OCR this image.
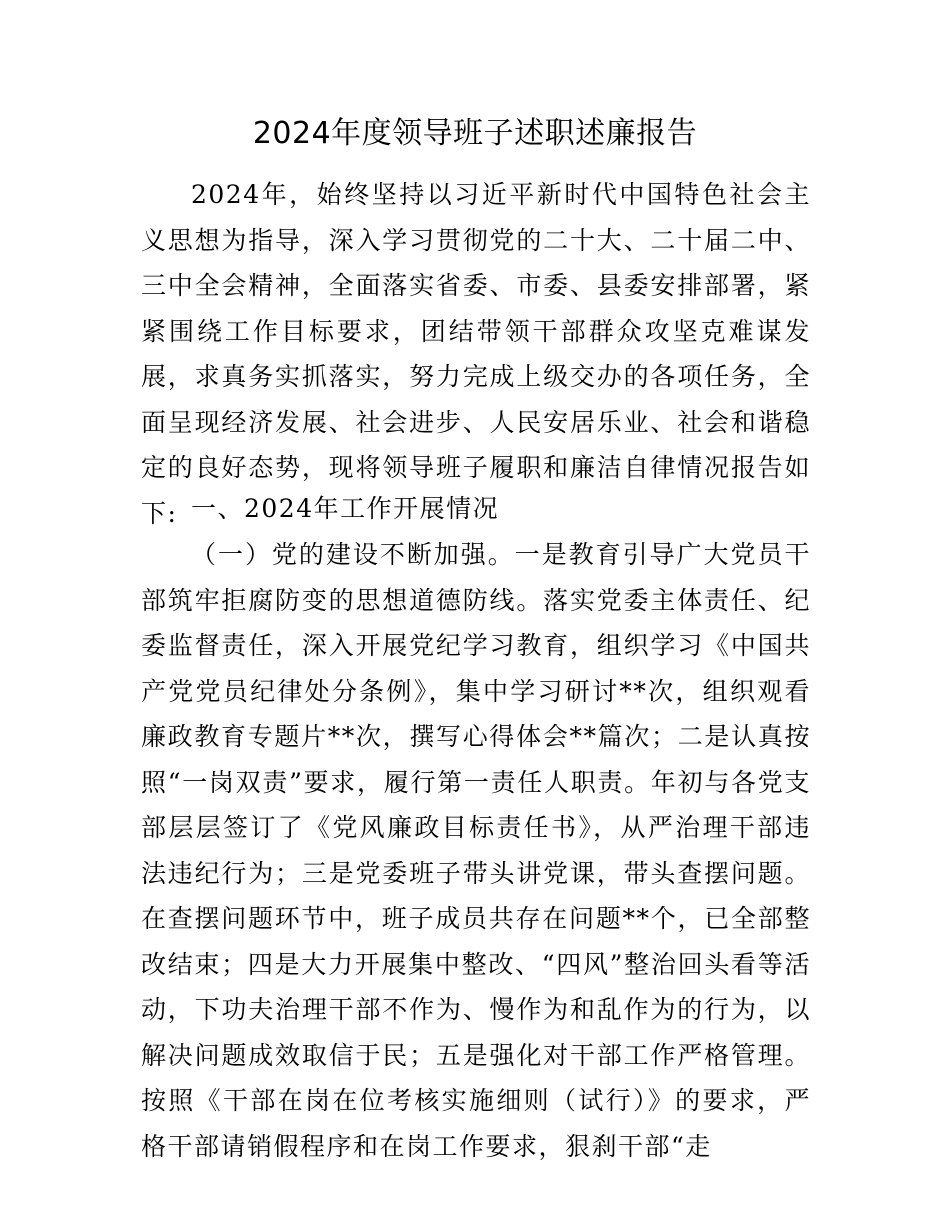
2024年度领导班子述职述廉报告

2024年，始终坚持以习近平新时代中国特色社会主义思想为指导，深入学习贯彻党的二十大、二十届二中、三中全会精神，全面落实省委、市委、县委安排部署，紧紧围绕工作目标要求，团结带领干部群众攻坚克难谋发展，求真务实抓落实，努力完成上级交办的各项任务，全面呈现经济发展、社会进步、人民安居乐业、社会和谐稳定的良好态势，现将领导班子履职和廉洁自律情况报告如下: 一、2024年工作开展情况

（一）党的建设不断加强。一是教育引导广大党员干部筑牢拒腐防变的思想道德防线。落实党委主体责任、纪委监督责任，深入开展党纪学习教育，组织学习《中国共产党党员纪律处分条例》，集中学习研讨**次，组织观看廉政教育专题片**次，撰写心得体会**篇次；二是认真按照“一岗双责”要求，履行第一责任人职责。年初与各党支部层层签订了《党风廉政目标责任书》，从严治理干部违法违纪行为；三是党委班子带头讲党课，带头查摆问题。在查摆问题环节中，班子成员共存在问题**个，已全部整改结束；四是大力开展集中整改、“四风”整治回头看等活动，下功夫治理干部不作为、慢作为和乱作为的行为，以解决问题成效取信于民；五是强化对干部工作严格管理。按照《干部在岗在位考核实施细则（试行）》的要求，严格干部请销假程序和在岗工作要求，狠刹干部“走
